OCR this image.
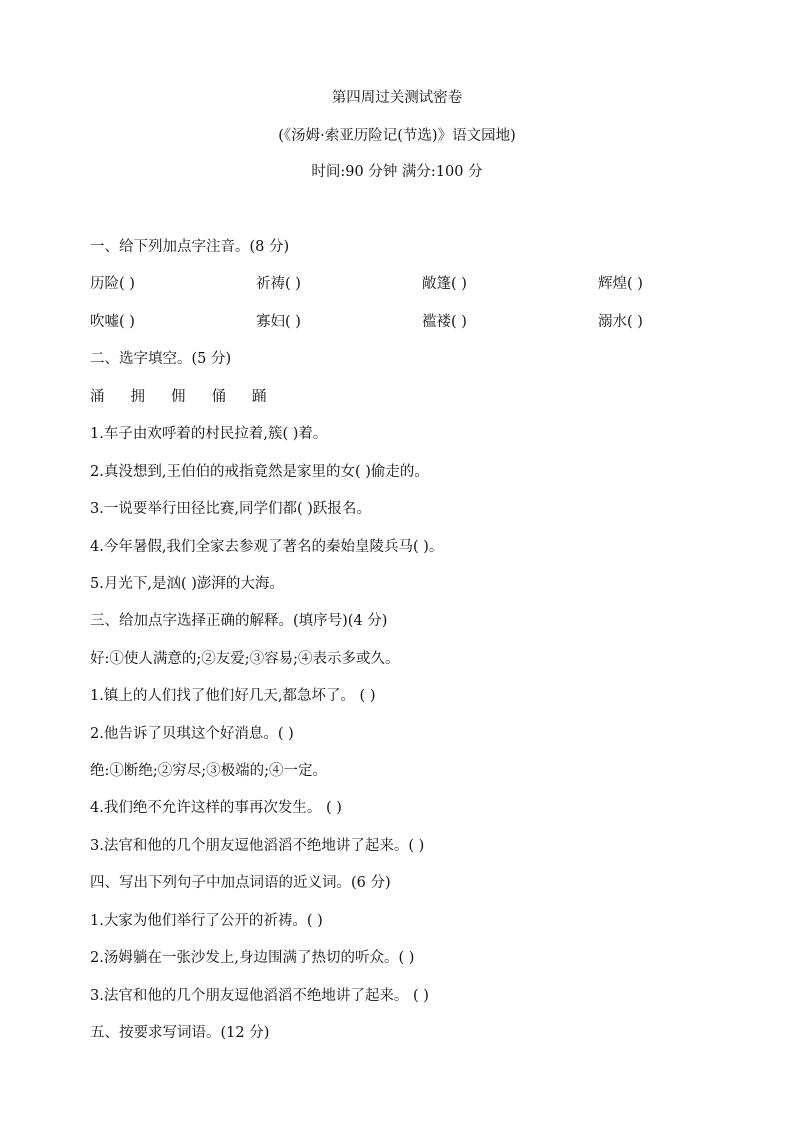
第四周过关测试密卷
(《汤姆·索亚历险记(节选)》语文园地)
时间:90 分钟 满分:100 分
一、给下列加点字注音。(8 分)
历险( )	祈祷( )	敞篷( )	辉煌( )
吹嘘( )	寡妇( )	褴褛( )	溺水( )
二、选字填空。(5 分)
涌 拥 佣 俑 踊
1.车子由欢呼着的村民拉着,簇( )着。
2.真没想到,王伯伯的戒指竟然是家里的女( )偷走的。
3.一说要举行田径比赛,同学们都( )跃报名。
4.今年暑假,我们全家去参观了著名的秦始皇陵兵马( )。
5.月光下,是汹( )澎湃的大海。
三、给加点字选择正确的解释。(填序号)(4 分)
好:①使人满意的;②友爱;③容易;④表示多或久。
1.镇上的人们找了他们好几天,都急坏了。 ( )
2.他告诉了贝琪这个好消息。( )
绝:①断绝;②穷尽;③极端的;④一定。
4.我们绝不允许这样的事再次发生。 ( )
3.法官和他的几个朋友逗他滔滔不绝地讲了起来。( )
四、写出下列句子中加点词语的近义词。(6 分)
1.大家为他们举行了公开的祈祷。( )
2.汤姆躺在一张沙发上,身边围满了热切的听众。( )
3.法官和他的几个朋友逗他滔滔不绝地讲了起来。 ( )
五、按要求写词语。(12 分)
